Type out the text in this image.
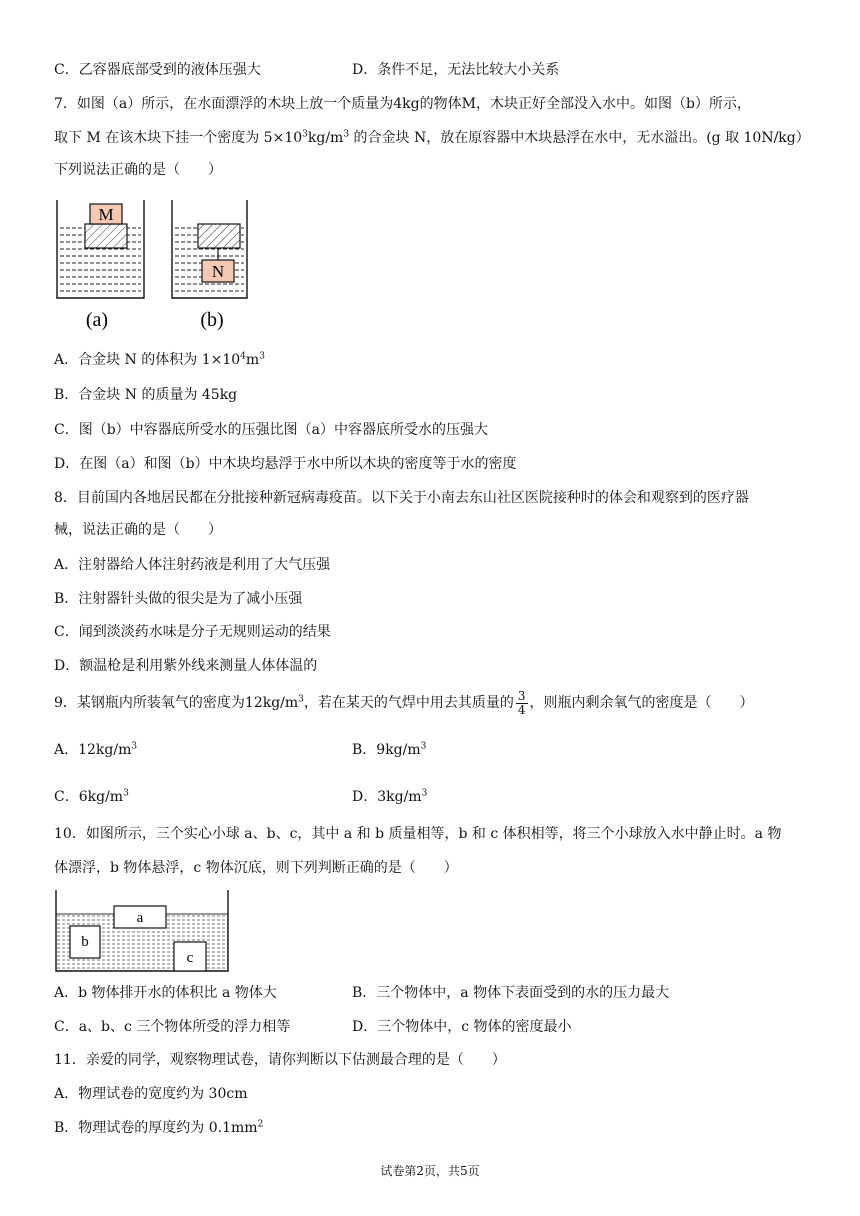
C．乙容器底部受到的液体压强大	D．条件不足，无法比较大小关系
7．如图（a）所示，在水面漂浮的木块上放一个质量为4kg的物体M，木块正好全部没入水中。如图（b）所示，
取下 M 在该木块下挂一个密度为 $5\times 10^3kg/m^3$ 的合金块 N，放在原容器中木块悬浮在水中，无水溢出。(g 取 10N/kg）
下列说法正确的是（　　）
M
N
(a)	(b)
A．合金块 N 的体积为 $1\times 10^4m^3$
B．合金块 N 的质量为 45kg
C．图（b）中容器底所受水的压强比图（a）中容器底所受水的压强大
D．在图（a）和图（b）中木块均悬浮于水中所以木块的密度等于水的密度
8．目前国内各地居民都在分批接种新冠病毒疫苗。以下关于小南去东山社区医院接种时的体会和观察到的医疗器
械，说法正确的是（　　）
A．注射器给人体注射药液是利用了大气压强
B．注射器针头做的很尖是为了减小压强
C．闻到淡淡药水味是分子无规则运动的结果
D．额温枪是利用紫外线来测量人体体温的
9．某钢瓶内所装氧气的密度为$12kg/m^3$，若在某天的气焊中用去其质量的 $\frac{3}{4}$ ，则瓶内剩余氧气的密度是（　　）
A．$12kg/m^3$	B．$9kg/m^3$
C．$6kg/m^3$	D．$3kg/m^3$
10．如图所示，三个实心小球 a、b、c，其中 a 和 b 质量相等，b 和 c 体积相等，将三个小球放入水中静止时。a 物
体漂浮，b 物体悬浮，c 物体沉底，则下列判断正确的是（　　）
a
b
c
A．b 物体排开水的体积比 a 物体大	B．三个物体中，a 物体下表面受到的水的压力最大
C．a、b、c 三个物体所受的浮力相等	D．三个物体中，c 物体的密度最小
11．亲爱的同学，观察物理试卷，请你判断以下估测最合理的是（　　）
A．物理试卷的宽度约为 30cm
B．物理试卷的厚度约为 $0.1mm^2$
试卷第2页，共5页
